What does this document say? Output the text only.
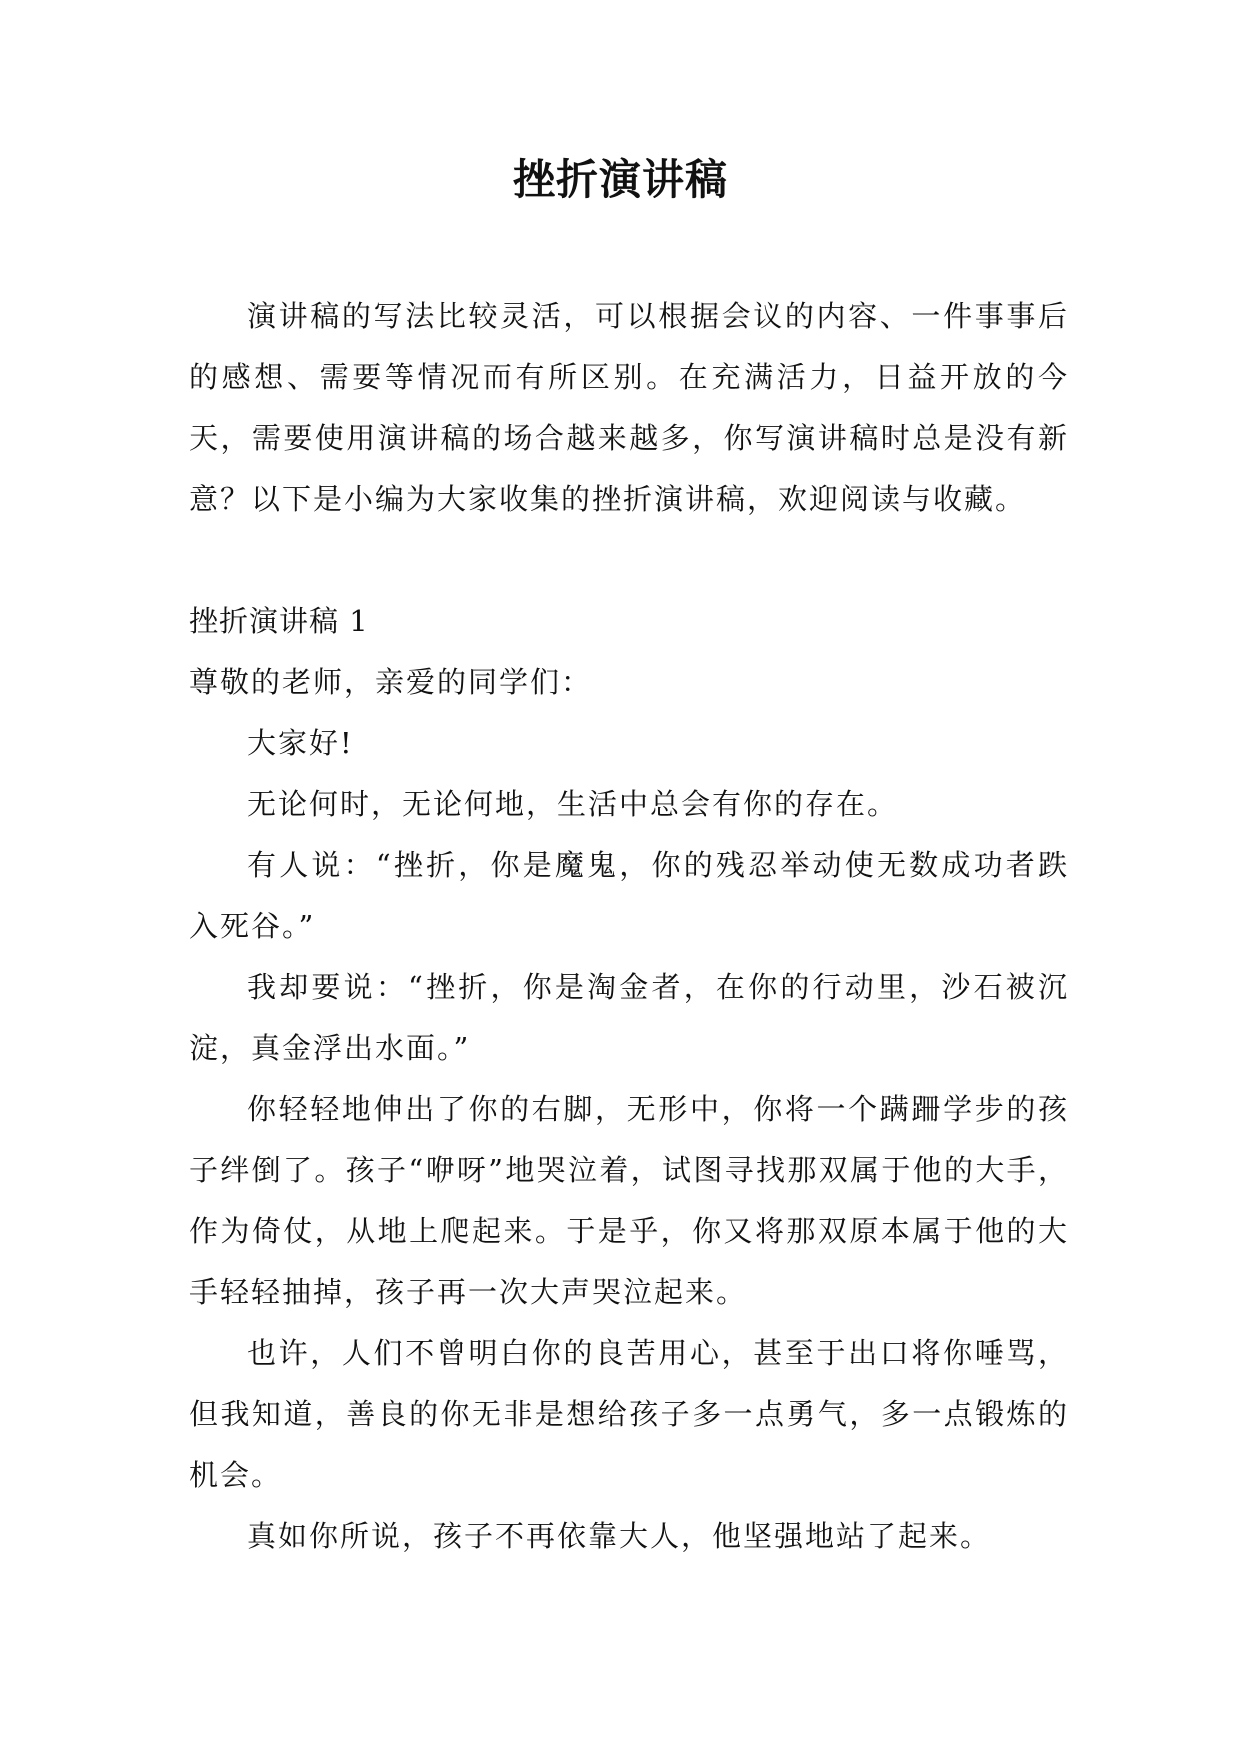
挫折演讲稿

演讲稿的写法比较灵活，可以根据会议的内容、一件事事后的感想、需要等情况而有所区别。在充满活力，日益开放的今天，需要使用演讲稿的场合越来越多，你写演讲稿时总是没有新意？以下是小编为大家收集的挫折演讲稿，欢迎阅读与收藏。

挫折演讲稿 1

尊敬的老师，亲爱的同学们：

大家好!

无论何时，无论何地，生活中总会有你的存在。

有人说：“挫折，你是魔鬼，你的残忍举动使无数成功者跌入死谷。”

我却要说：“挫折，你是淘金者，在你的行动里，沙石被沉淀，真金浮出水面。”

你轻轻地伸出了你的右脚，无形中，你将一个蹒跚学步的孩子绊倒了。孩子“咿呀”地哭泣着，试图寻找那双属于他的大手，作为倚仗，从地上爬起来。于是乎，你又将那双原本属于他的大手轻轻抽掉，孩子再一次大声哭泣起来。

也许，人们不曾明白你的良苦用心，甚至于出口将你唾骂，但我知道，善良的你无非是想给孩子多一点勇气，多一点锻炼的机会。

真如你所说，孩子不再依靠大人，他坚强地站了起来。
